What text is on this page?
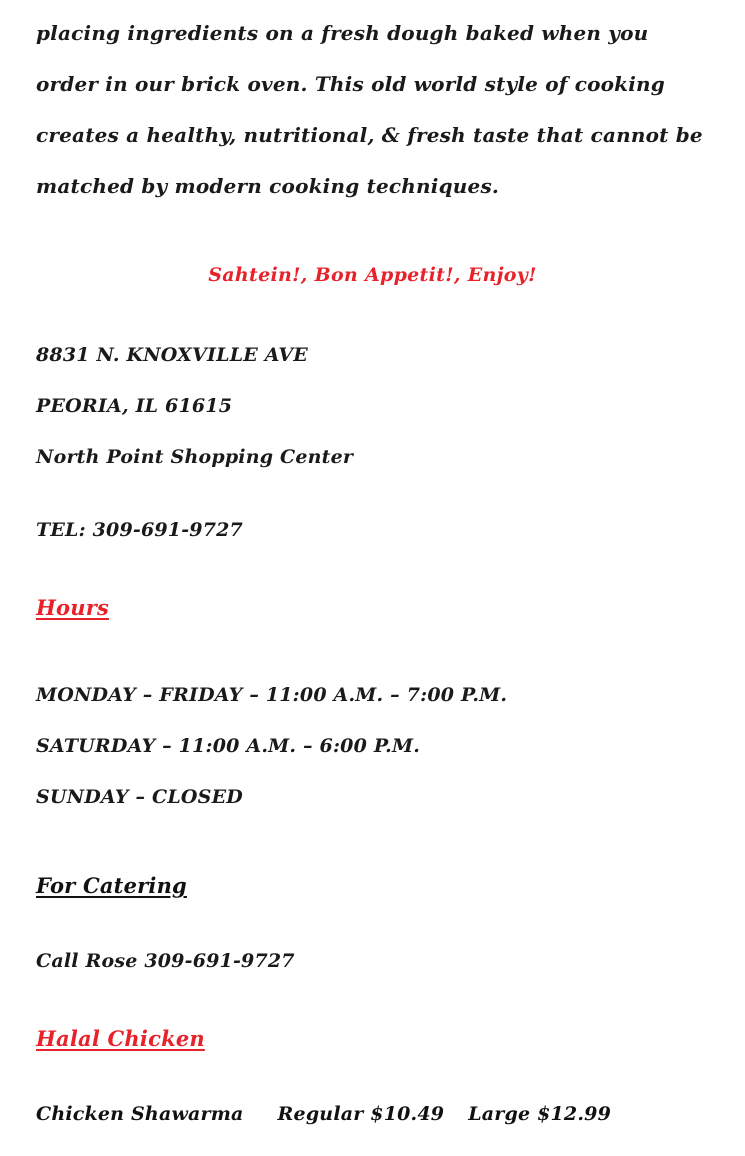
placing ingredients on a fresh dough baked when you order in our brick oven. This old world style of cooking creates a healthy, nutritional, & fresh taste that cannot be matched by modern cooking techniques.

Sahtein!, Bon Appetit!, Enjoy!

8831 N. KNOXVILLE AVE
PEORIA, IL 61615
North Point Shopping Center

TEL: 309-691-9727

Hours
MONDAY – FRIDAY – 11:00 A.M. – 7:00 P.M.
SATURDAY – 11:00 A.M. – 6:00 P.M.
SUNDAY – CLOSED
For Catering

Call Rose 309-691-9727

Halal Chicken

Chicken Shawarma Regular $10.49 Large $12.99
